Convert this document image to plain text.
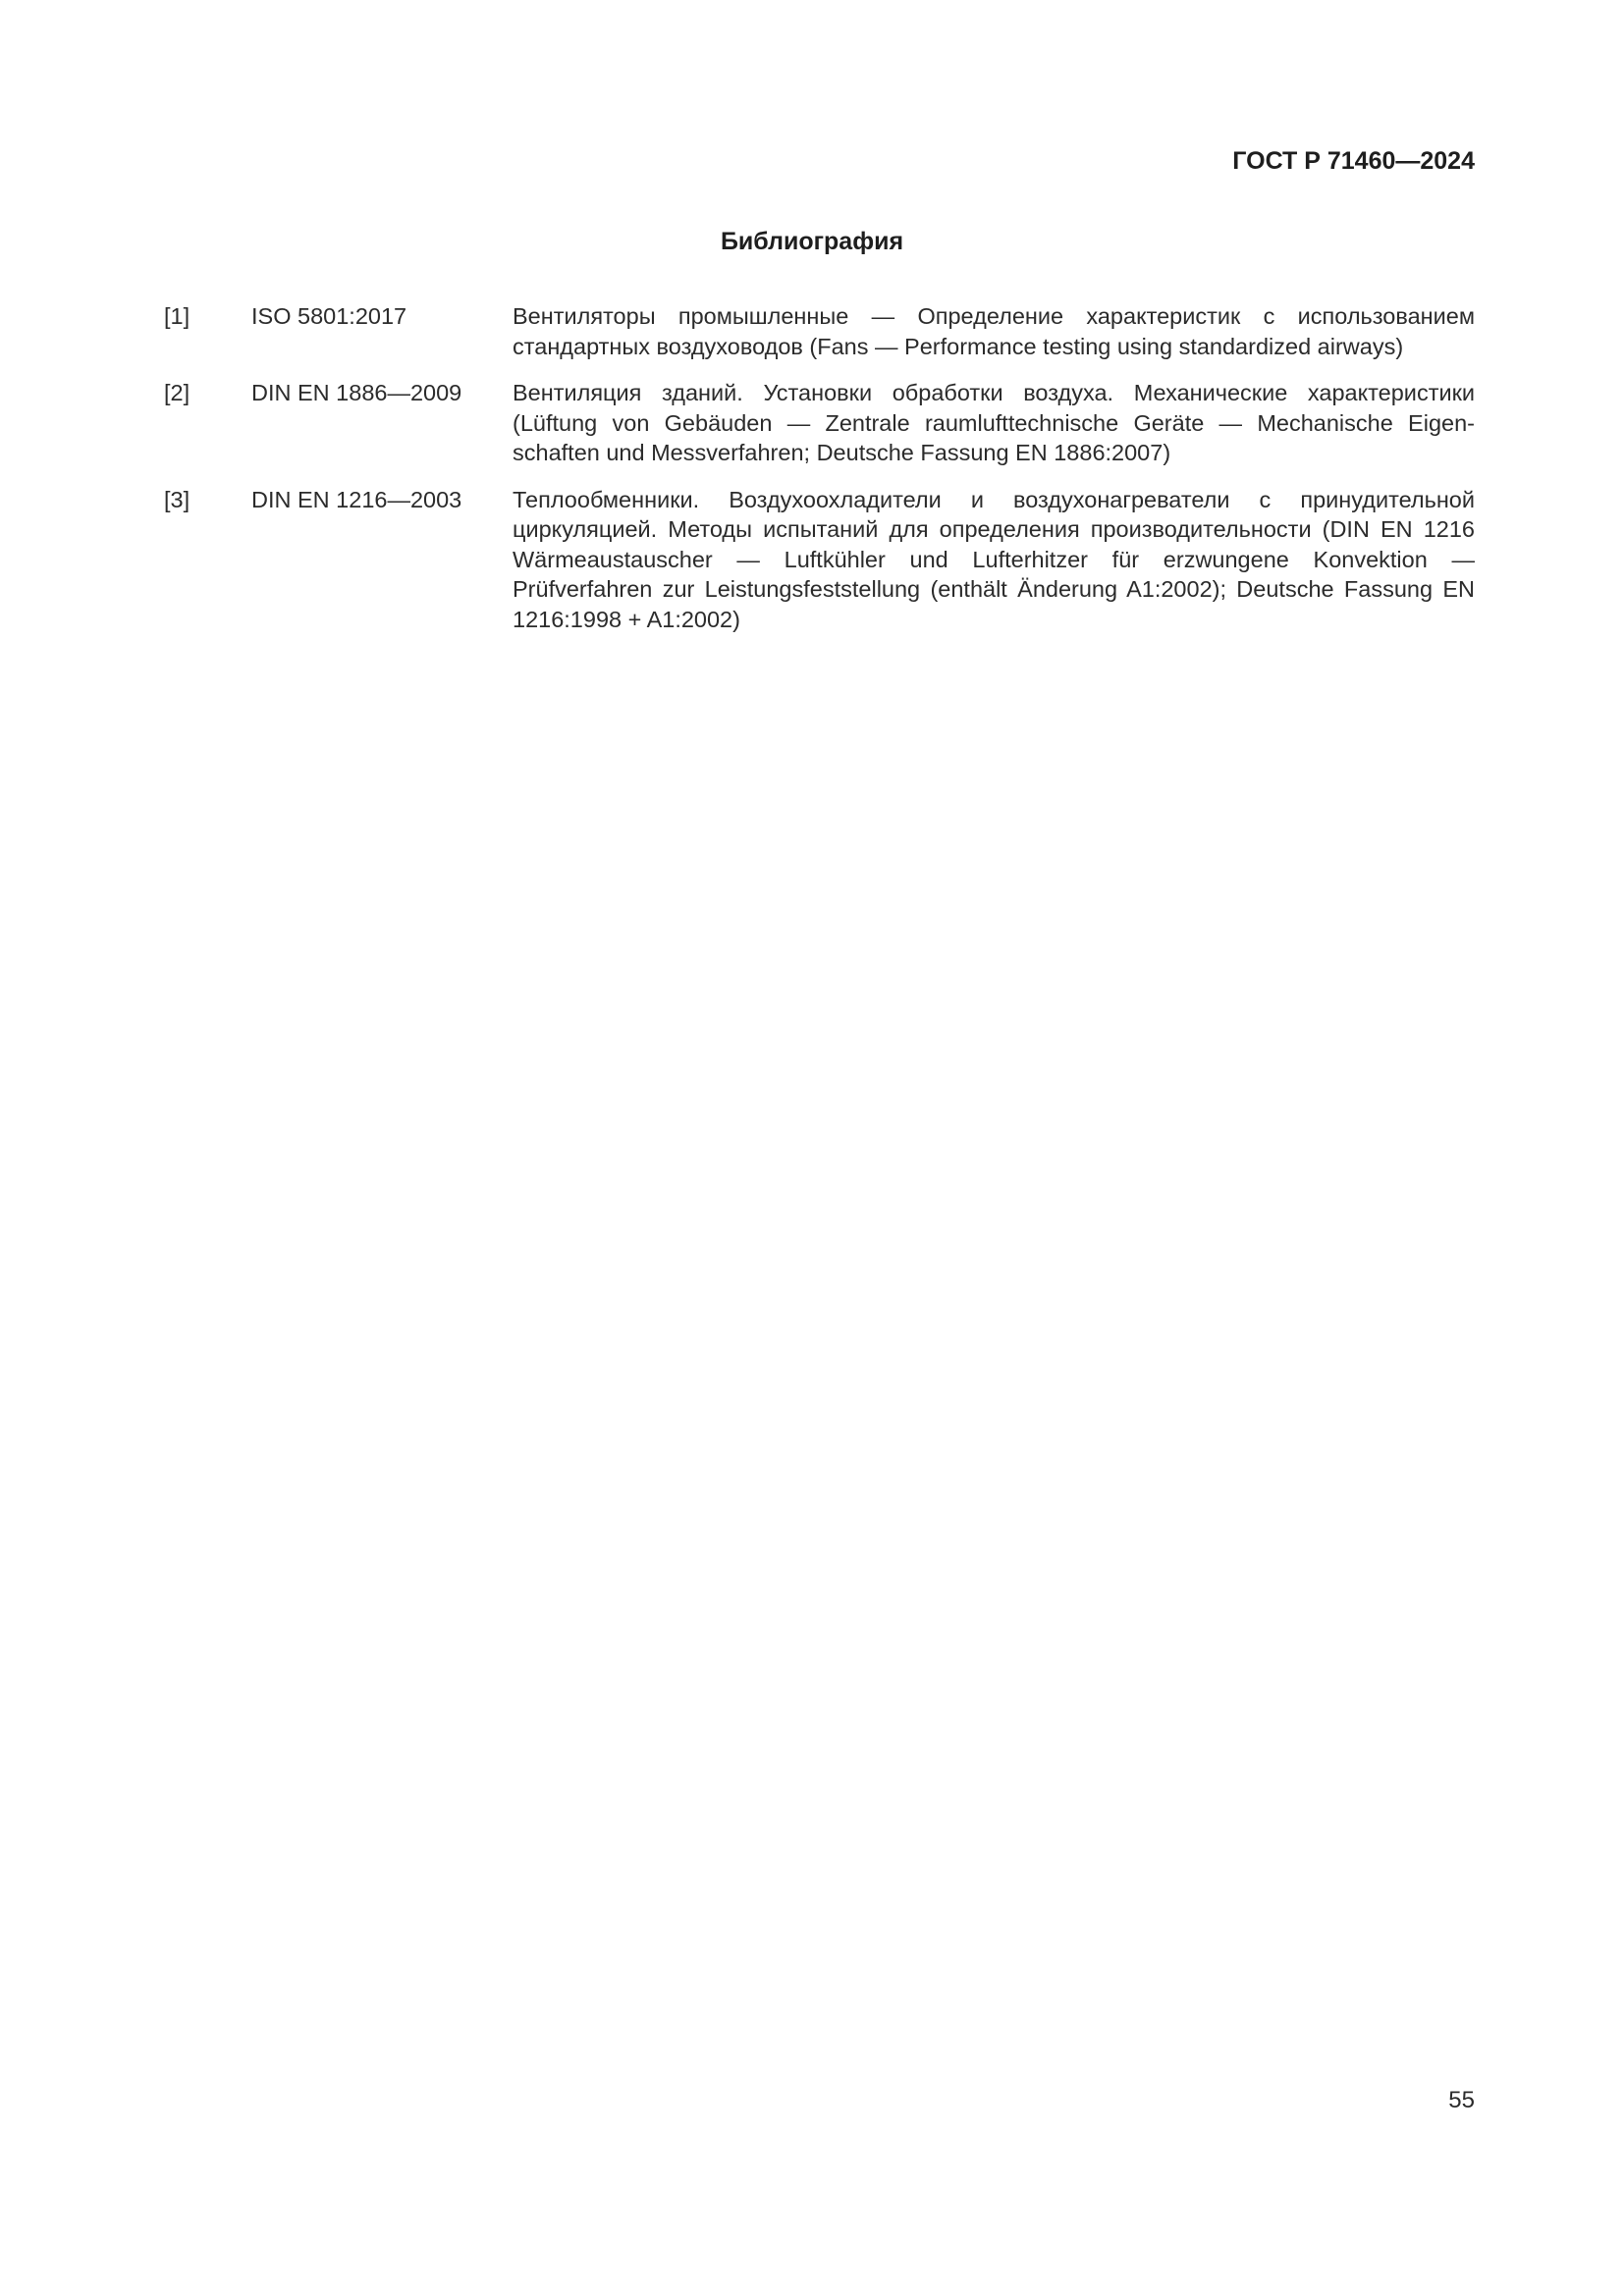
ГОСТ Р 71460—2024

Библиография
[1]	ISO 5801:2017	Вентиляторы промышленные — Определение характеристик с использованием стандартных воздуховодов (Fans — Performance testing using standardized airways)
[2]	DIN EN 1886—2009	Вентиляция зданий. Установки обработки воздуха. Механические характеристики (Lüftung von Gebäuden — Zentrale raumlufttechnische Geräte — Mechanische Eigenschaften und Messverfahren; Deutsche Fassung EN 1886:2007)
[3]	DIN EN 1216—2003	Теплообменники. Воздухоохладители и воздухонагреватели с принудительной циркуляцией. Методы испытаний для определения производительности (DIN EN 1216 Wärmeaustauscher — Luftkühler und Lufterhitzer für erzwungene Konvektion — Prüfverfahren zur Leistungsfeststellung (enthält Änderung A1:2002); Deutsche Fassung EN 1216:1998 + A1:2002)
55
